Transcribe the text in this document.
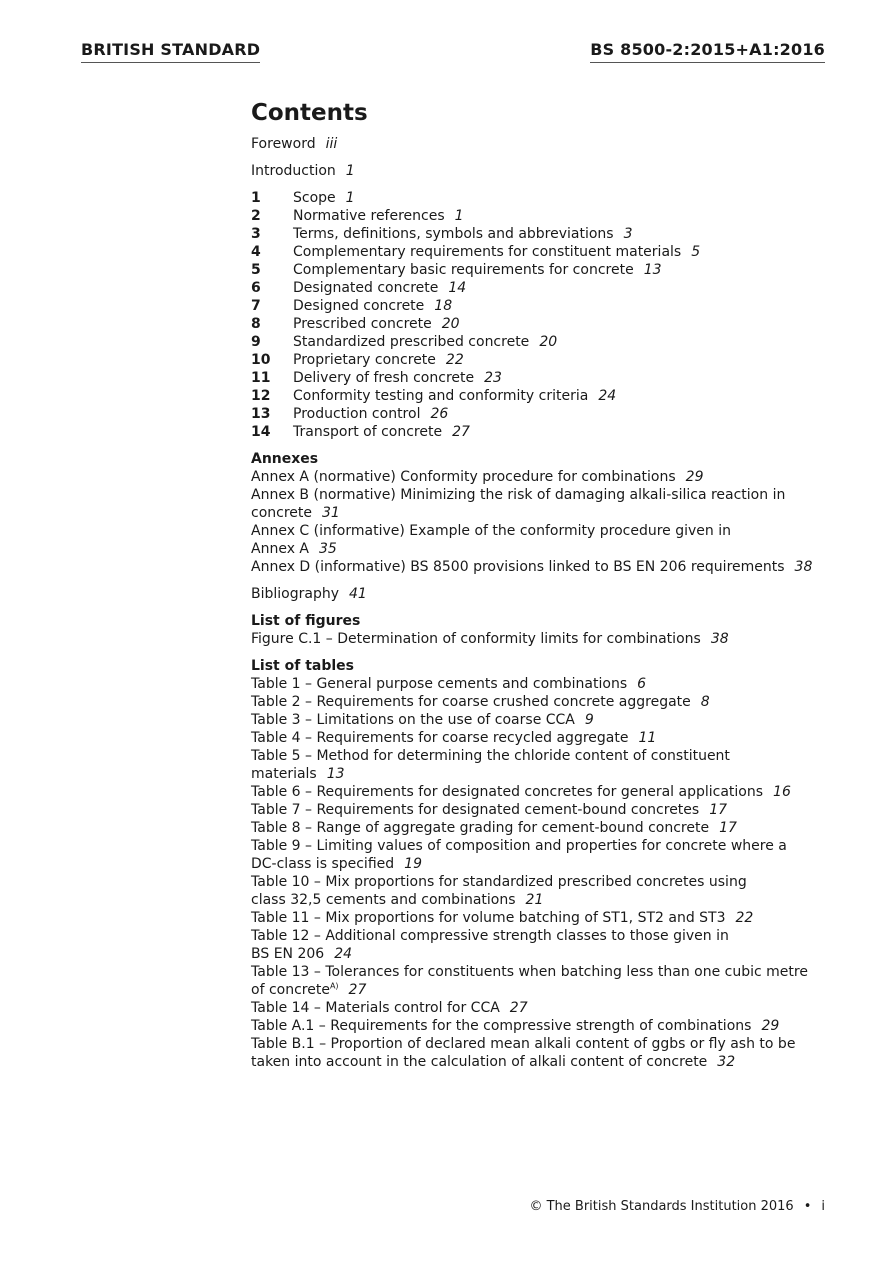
BRITISH STANDARD	BS 8500-2:2015+A1:2016
Contents
Foreword iii
Introduction 1
1	Scope 1
2	Normative references 1
3	Terms, definitions, symbols and abbreviations 3
4	Complementary requirements for constituent materials 5
5	Complementary basic requirements for concrete 13
6	Designated concrete 14
7	Designed concrete 18
8	Prescribed concrete 20
9	Standardized prescribed concrete 20
10	Proprietary concrete 22
11	Delivery of fresh concrete 23
12	Conformity testing and conformity criteria 24
13	Production control 26
14	Transport of concrete 27
Annexes
Annex A (normative) Conformity procedure for combinations 29
Annex B (normative) Minimizing the risk of damaging alkali-silica reaction in
concrete 31
Annex C (informative) Example of the conformity procedure given in
Annex A 35
Annex D (informative) BS 8500 provisions linked to BS EN 206 requirements 38
Bibliography 41
List of figures
Figure C.1 – Determination of conformity limits for combinations 38
List of tables
Table 1 – General purpose cements and combinations 6
Table 2 – Requirements for coarse crushed concrete aggregate 8
Table 3 – Limitations on the use of coarse CCA 9
Table 4 – Requirements for coarse recycled aggregate 11
Table 5 – Method for determining the chloride content of constituent
materials 13
Table 6 – Requirements for designated concretes for general applications 16
Table 7 – Requirements for designated cement-bound concretes 17
Table 8 – Range of aggregate grading for cement-bound concrete 17
Table 9 – Limiting values of composition and properties for concrete where a
DC-class is specified 19
Table 10 – Mix proportions for standardized prescribed concretes using
class 32,5 cements and combinations 21
Table 11 – Mix proportions for volume batching of ST1, ST2 and ST3 22
Table 12 – Additional compressive strength classes to those given in
BS EN 206 24
Table 13 – Tolerances for constituents when batching less than one cubic metre
of concrete$^{A)}$ 27
Table 14 – Materials control for CCA 27
Table A.1 – Requirements for the compressive strength of combinations 29
Table B.1 – Proportion of declared mean alkali content of ggbs or fly ash to be
taken into account in the calculation of alkali content of concrete 32
© The British Standards Institution 2016 • i
